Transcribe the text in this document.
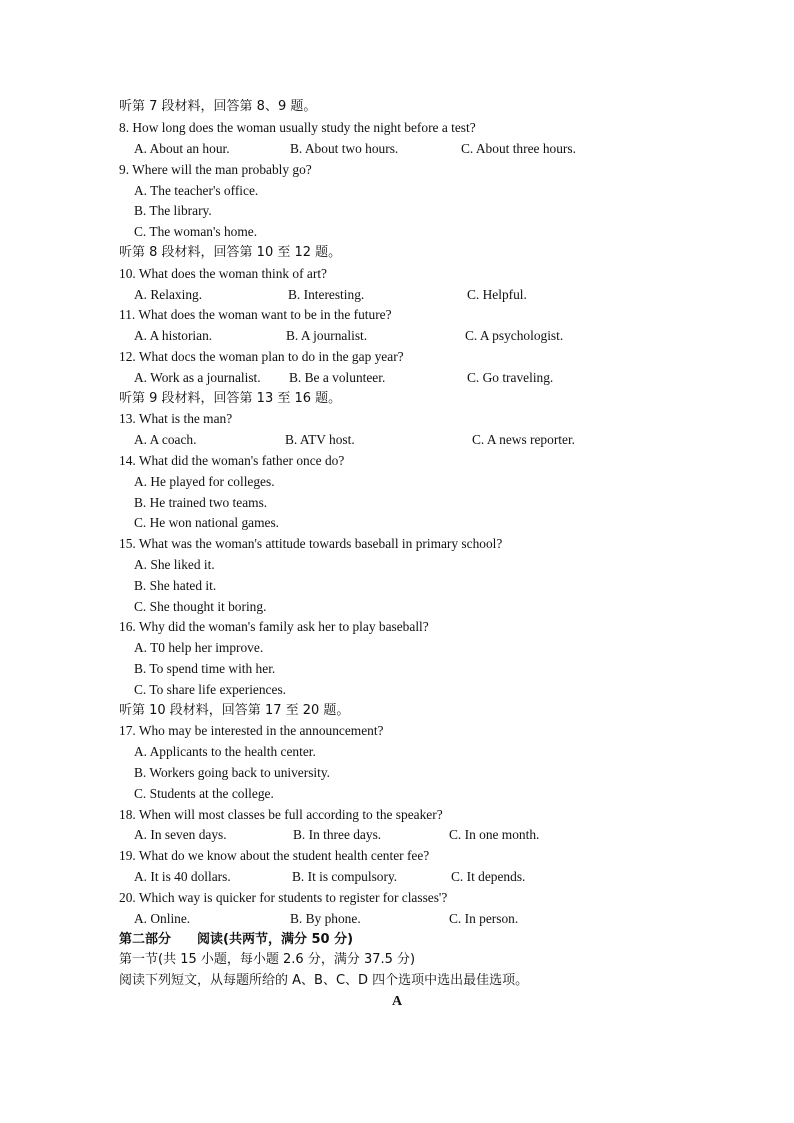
听第 7 段材料，回答第 8、9 题。
8. How long does the woman usually study the night before a test?
A. About an hour.	B. About two hours.	C. About three hours.
9. Where will the man probably go?
A. The teacher's office.
B. The library.
C. The woman's home.
听第 8 段材料，回答第 10 至 12 题。
10. What does the woman think of art?
A. Relaxing.	B. Interesting.	C. Helpful.
11. What does the woman want to be in the future?
A. A historian.	B. A journalist.	C. A psychologist.
12. What docs the woman plan to do in the gap year?
A. Work as a journalist. B. Be a volunteer.	C. Go traveling.
听第 9 段材料，回答第 13 至 16 题。
13. What is the man?
A. A coach.	B. ATV host.	C. A news reporter.
14. What did the woman's father once do?
A. He played for colleges.
B. He trained two teams.
C. He won national games.
15. What was the woman's attitude towards baseball in primary school?
A. She liked it.
B. She hated it.
C. She thought it boring.
16. Why did the woman's family ask her to play baseball?
A. T0 help her improve.
B. To spend time with her.
C. To share life experiences.
听第 10 段材料，回答第 17 至 20 题。
17. Who may be interested in the announcement?
A. Applicants to the health center.
B. Workers going back to university.
C. Students at the college.
18. When will most classes be full according to the speaker?
A. In seven days.	B. In three days.	C. In one month.
19. What do we know about the student health center fee?
A. It is 40 dollars.	B. It is compulsory.	C. It depends.
20. Which way is quicker for students to register for classes'?
A. Online.	B. By phone.	C. In person.
第二部分　　阅读(共两节，满分 50 分)
第一节(共 15 小题，每小题 2.6 分，满分 37.5 分)
阅读下列短文，从每题所给的 A、B、C、D 四个选项中选出最佳选项。
A
